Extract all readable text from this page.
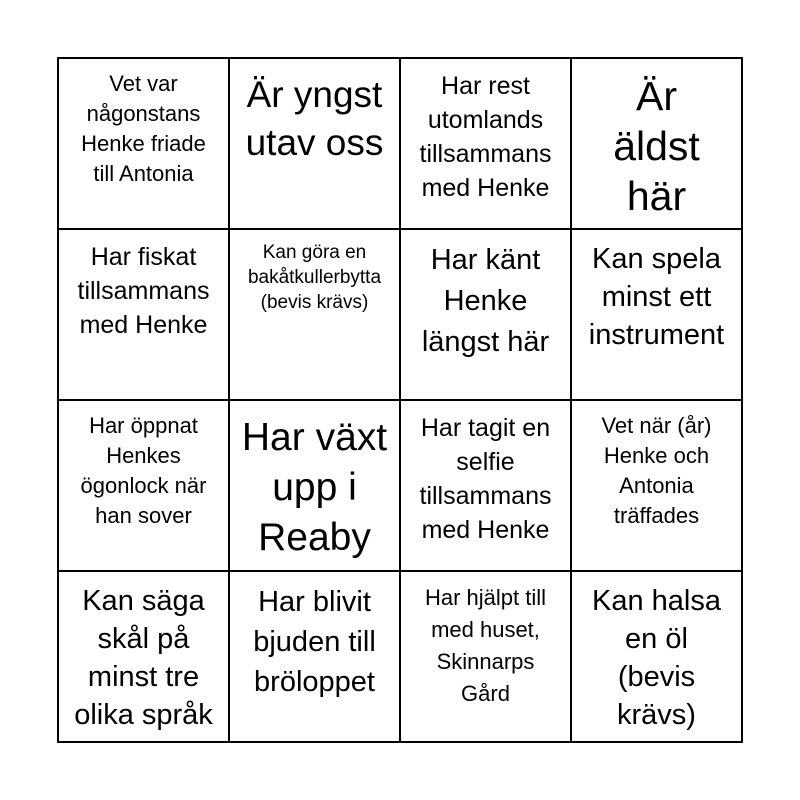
Vet var
någonstans
Henke friade
till Antonia
Är yngst
utav oss
Har rest
utomlands
tillsammans
med Henke
Är
äldst
här
Har fiskat
tillsammans
med Henke
Kan göra en
bakåtkullerbytta
(bevis krävs)
Har känt
Henke
längst här
Kan spela
minst ett
instrument
Har öppnat
Henkes
ögonlock när
han sover
Har växt
upp i
Reaby
Har tagit en
selfie
tillsammans
med Henke
Vet när (år)
Henke och
Antonia
träffades
Kan säga
skål på
minst tre
olika språk
Har blivit
bjuden till
bröloppet
Har hjälpt till
med huset,
Skinnarps
Gård
Kan halsa
en öl
(bevis
krävs)
